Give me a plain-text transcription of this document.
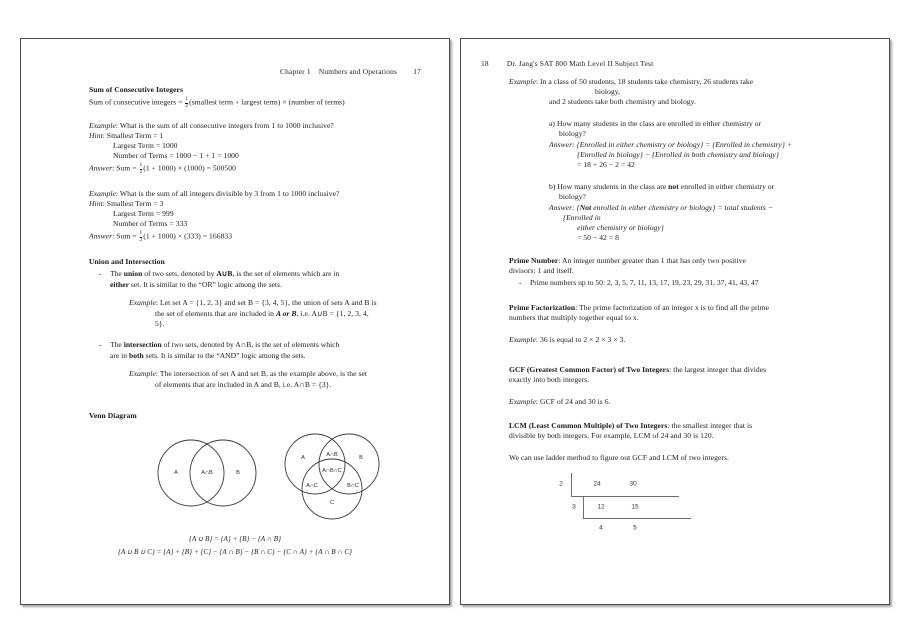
Chapter 1 Numbers and Operations 17
Sum of Consecutive Integers
Sum of consecutive integers = $\frac{1}{2}$ (smallest term + largest term) × (number of terms)
Example: What is the sum of all consecutive integers from 1 to 1000 inclusive?
Hint: Smallest Term = 1
Largest Term = 1000
Number of Terms = 1000 − 1 + 1 = 1000
Answer: Sum = $\frac{1}{2} (1 + 1000) \times (1000) = 500500$
Example: What is the sum of all integers divisible by 3 from 1 to 1000 inclusive?
Hint: Smallest Term = 3
Largest Term = 999
Number of Terms = 333
Answer: Sum = $\frac{1}{2} (1 + 1000) \times (333) = 166833$
Union and Intersection
- The union of two sets, denoted by A∪B, is the set of elements which are in
either set. It is similar to the “OR” logic among the sets.
Example: Let set A = {1, 2, 3} and set B = {3, 4, 5}, the union of sets A and B is
the set of elements that are included in A or B, i.e. A∪B = {1, 2, 3, 4,
5}.
- The intersection of two sets, denoted by A∩B, is the set of elements which
are in both sets. It is similar to the “AND” logic among the sets.
Example: The intersection of set A and set B, as the example above, is the set
of elements that are included in A and B, i.e. A∩B = {3}.
Venn Diagram
A	A∩B	B
A	B
C
A∩B
A∩B∩C
A∩C	B∩C
{A ∪ B} = {A} + {B} − {A ∩ B}
{A ∪ B ∪ C} = {A} + {B} + {C} − {A ∩ B} − {B ∩ C} − {C ∩ A} + {A ∩ B ∩ C}
18 Dr. Jang's SAT 800 Math Level II Subject Test
Example: In a class of 50 students, 18 students take chemistry, 26 students take
biology,
and 2 students take both chemistry and biology.
a) How many students in the class are enrolled in either chemistry or
biology?
Answer: {Enrolled in either chemistry or biology} = {Enrolled in chemistry} +
{Enrolled in biology} − {Enrolled in both chemistry and biology}
= 18 + 26 − 2 = 42
b) How many students in the class are not enrolled in either chemistry or
biology?
Answer: {Not enrolled in either chemistry or biology} = total students −
{Enrolled in
either chemistry or biology}
= 50 − 42 = 8
Prime Number: An integer number greater than 1 that has only two positive
divisors: 1 and itself.
- Prime numbers up to 50: 2, 3, 5, 7, 11, 13, 17, 19, 23, 29, 31, 37, 41, 43, 47
Prime Factorization: The prime factorization of an integer x is to find all the prime
numbers that multiply together equal to x.
Example: 36 is equal to 2 × 2 × 3 × 3.
GCF (Greatest Common Factor) of Two Integers: the largest integer that divides
exactly into both integers.
Example: GCF of 24 and 30 is 6.
LCM (Least Common Multiple) of Two Integers: the smallest integer that is
divisible by both integers. For example, LCM of 24 and 30 is 120.
We can use ladder method to figure out GCF and LCM of two integers.
2	24	30
3	12	15
4	5
